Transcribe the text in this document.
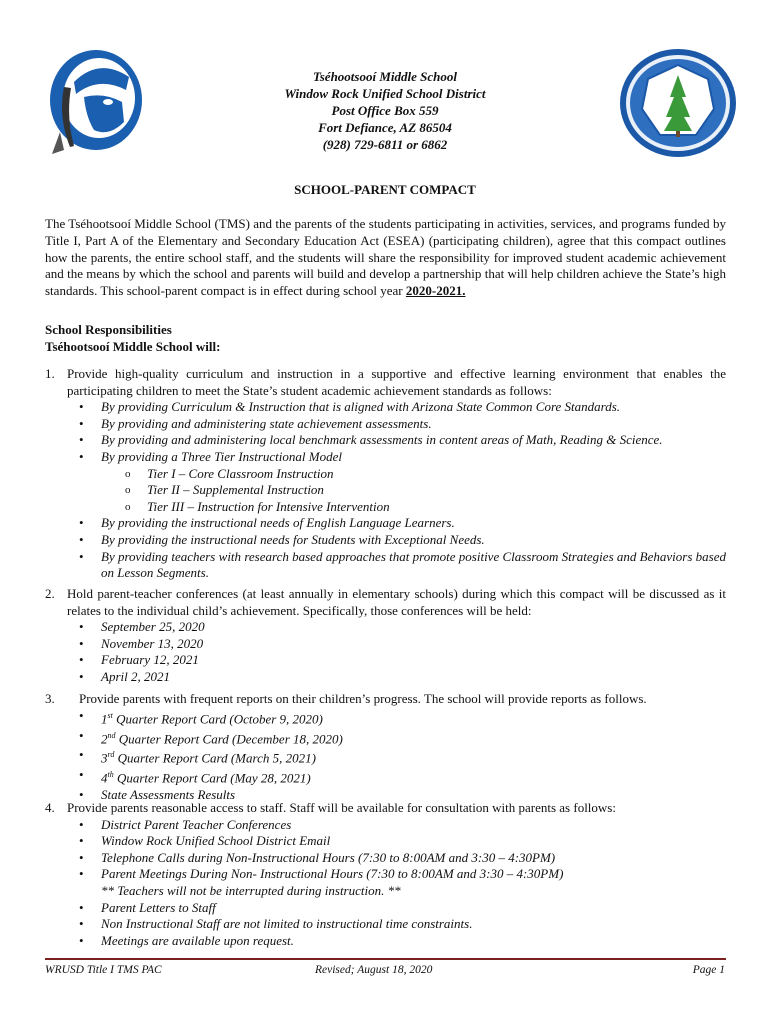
Tséhootsooí Middle School
Window Rock Unified School District
Post Office Box 559
Fort Defiance, AZ 86504
(928) 729-6811 or 6862
SCHOOL-PARENT COMPACT
The Tséhootsooí Middle School (TMS) and the parents of the students participating in activities, services, and programs funded by Title I, Part A of the Elementary and Secondary Education Act (ESEA) (participating children), agree that this compact outlines how the parents, the entire school staff, and the students will share the responsibility for improved student academic achievement and the means by which the school and parents will build and develop a partnership that will help children achieve the State’s high standards. This school-parent compact is in effect during school year 2020-2021.
School Responsibilities
Tséhootsooí Middle School will:
1. Provide high-quality curriculum and instruction in a supportive and effective learning environment that enables the participating children to meet the State’s student academic achievement standards as follows:
• By providing Curriculum & Instruction that is aligned with Arizona State Common Core Standards.
• By providing and administering state achievement assessments.
• By providing and administering local benchmark assessments in content areas of Math, Reading & Science.
• By providing a Three Tier Instructional Model
o Tier I – Core Classroom Instruction
o Tier II – Supplemental Instruction
o Tier III – Instruction for Intensive Intervention
• By providing the instructional needs of English Language Learners.
• By providing the instructional needs for Students with Exceptional Needs.
• By providing teachers with research based approaches that promote positive Classroom Strategies and Behaviors based on Lesson Segments.
2. Hold parent-teacher conferences (at least annually in elementary schools) during which this compact will be discussed as it relates to the individual child’s achievement. Specifically, those conferences will be held:
• September 25, 2020
• November 13, 2020
• February 12, 2021
• April 2, 2021
3. Provide parents with frequent reports on their children’s progress. The school will provide reports as follows.
• 1st Quarter Report Card (October 9, 2020)
• 2nd Quarter Report Card (December 18, 2020)
• 3rd Quarter Report Card (March 5, 2021)
• 4th Quarter Report Card (May 28, 2021)
• State Assessments Results
4. Provide parents reasonable access to staff. Staff will be available for consultation with parents as follows:
• District Parent Teacher Conferences
• Window Rock Unified School District Email
• Telephone Calls during Non-Instructional Hours (7:30 to 8:00AM and 3:30 – 4:30PM)
• Parent Meetings During Non- Instructional Hours (7:30 to 8:00AM and 3:30 – 4:30PM)
** Teachers will not be interrupted during instruction. **
• Parent Letters to Staff
• Non Instructional Staff are not limited to instructional time constraints.
• Meetings are available upon request.
WRUSD Title I TMS PAC	Revised; August 18, 2020	Page 1
